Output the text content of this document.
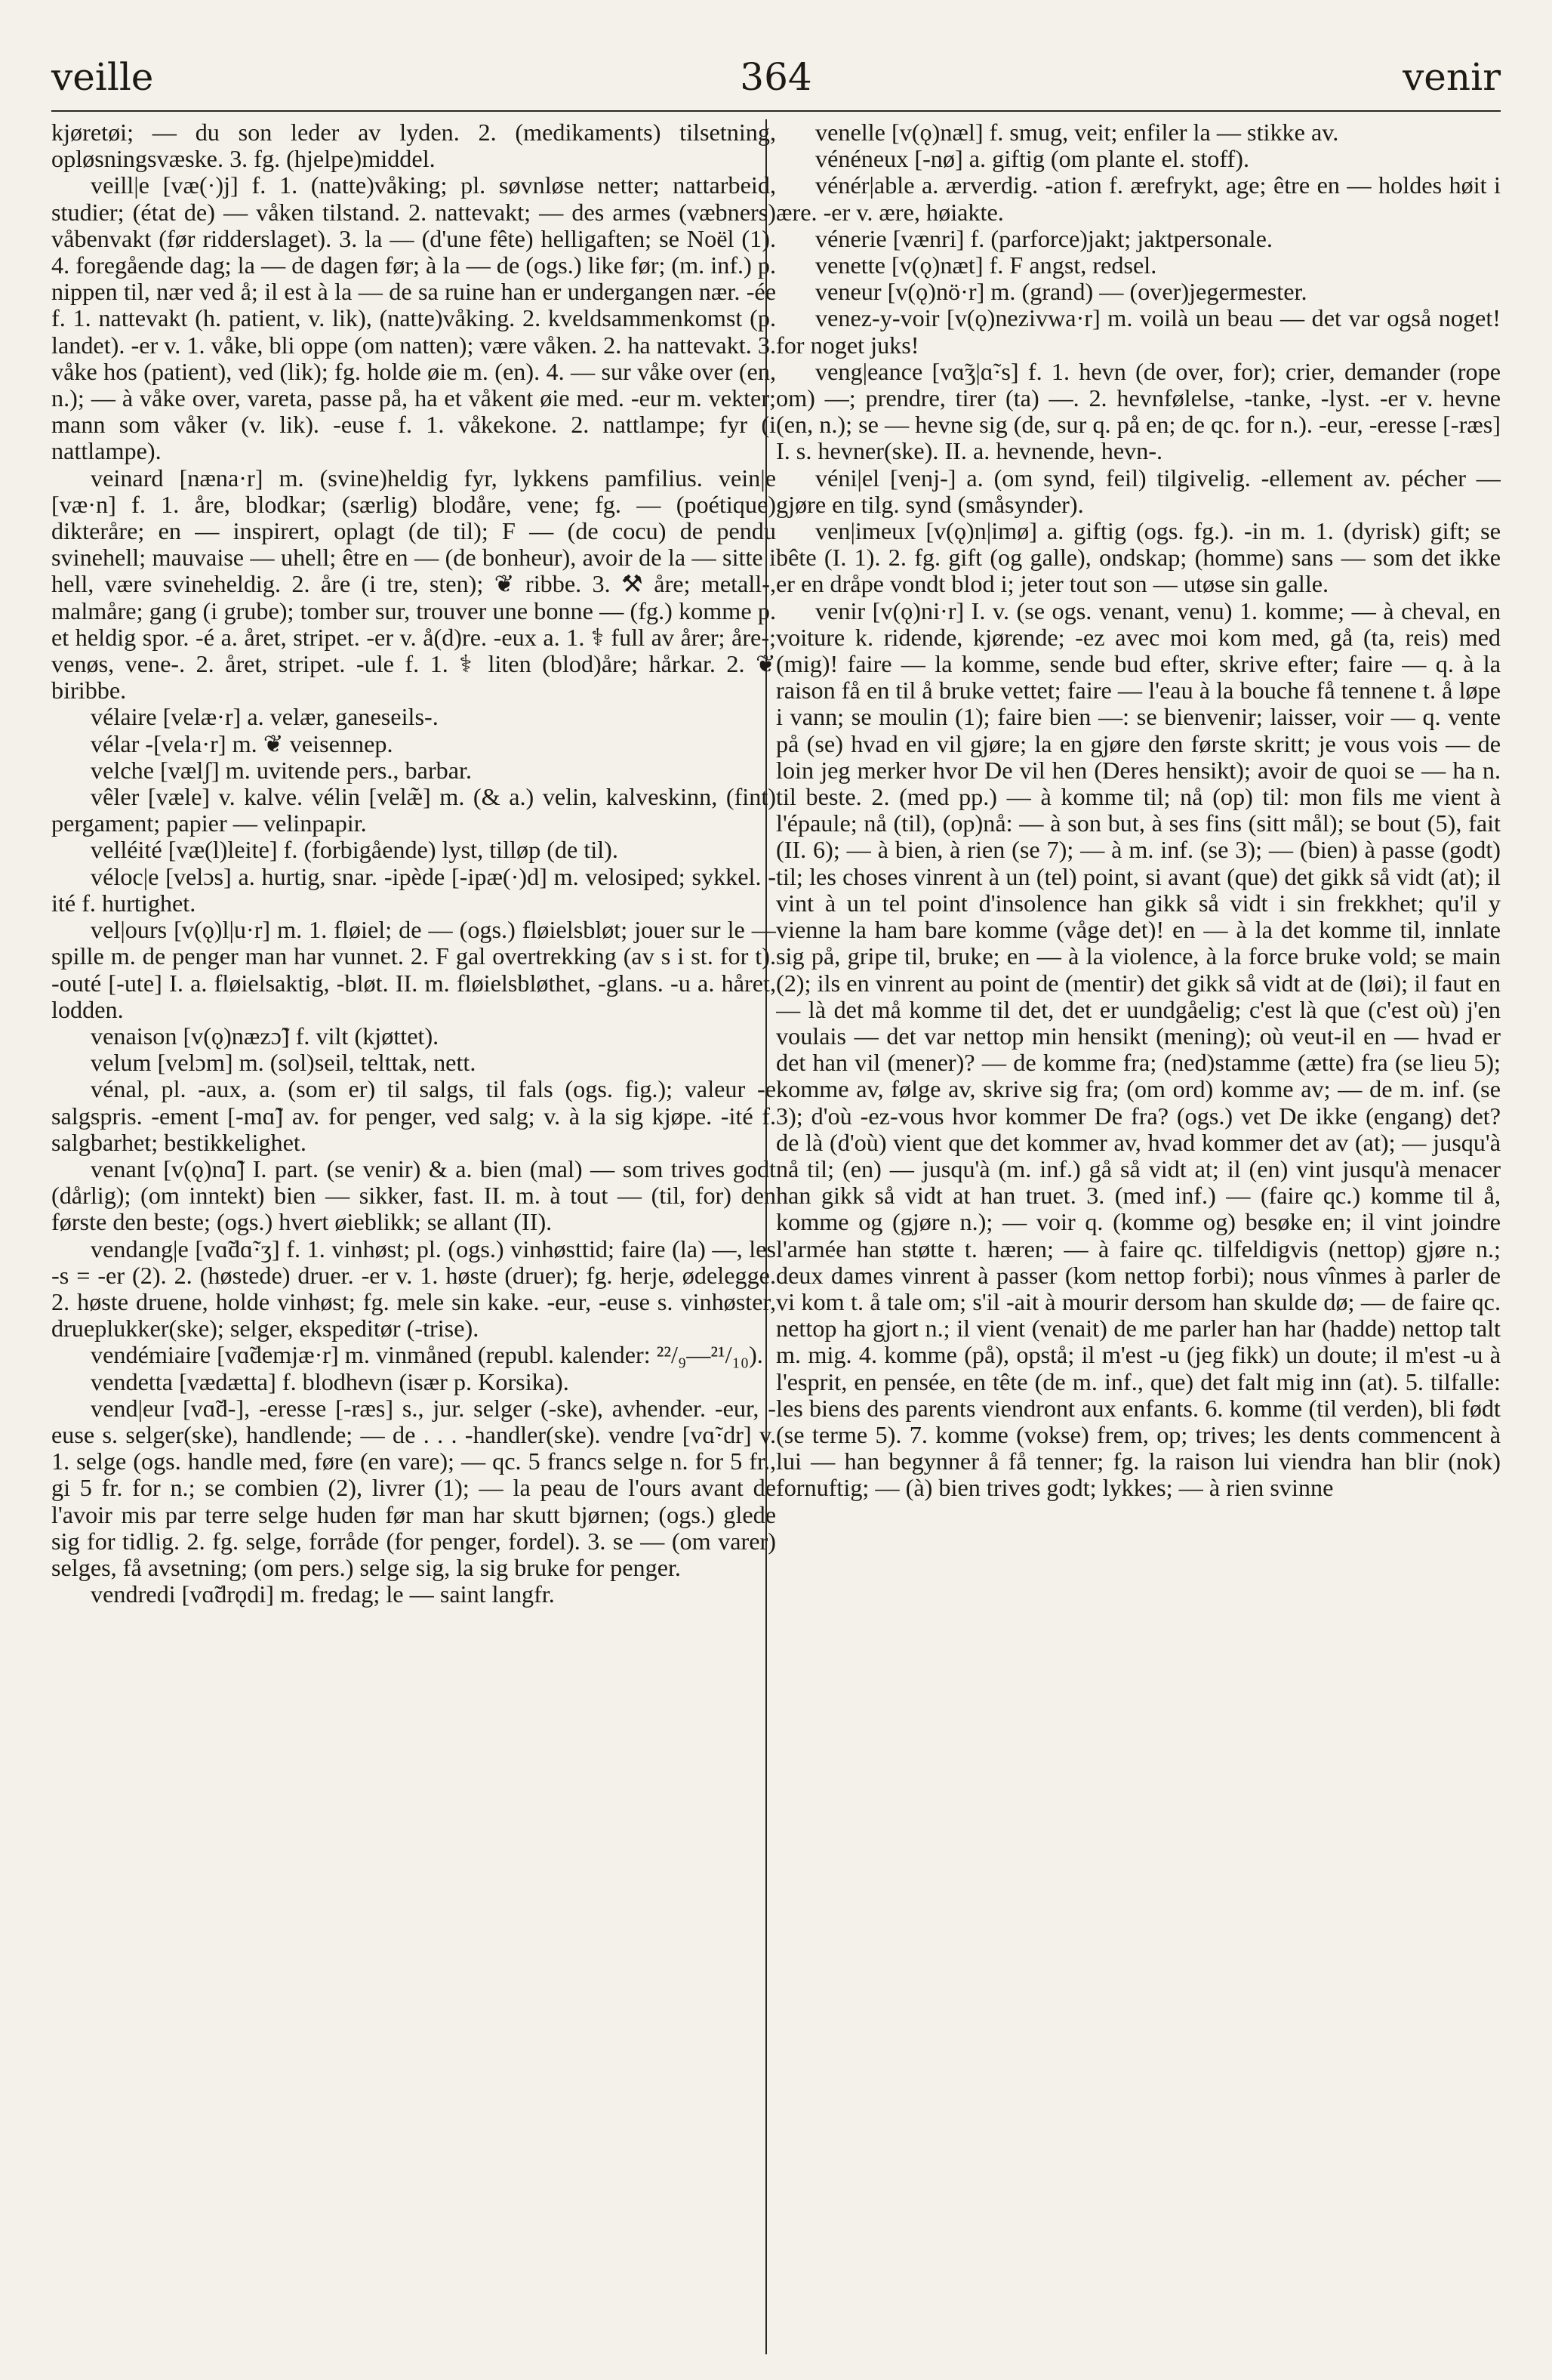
veille	364	venir

kjøretøi; — du son leder av lyden. 2. (medikaments) tilsetning, opløsningsvæske. 3. fg. (hjelpe)middel.

veill|e [væ(·)j] f. 1. (natte)våking; pl. søvnløse netter; nattarbeid, studier; (état de) — våken tilstand. 2. nattevakt; — des armes (væbners) våbenvakt (før ridderslaget). 3. la — (d'une fête) helligaften; se Noël (1). 4. foregående dag; la — de dagen før; à la — de (ogs.) like før; (m. inf.) p. nippen til, nær ved å; il est à la — de sa ruine han er undergangen nær. -ée f. 1. nattevakt (h. patient, v. lik), (natte)våking. 2. kveldsammenkomst (p. landet). -er v. 1. våke, bli oppe (om natten); være våken. 2. ha nattevakt. 3. våke hos (patient), ved (lik); fg. holde øie m. (en). 4. — sur våke over (en, n.); — à våke over, vareta, passe på, ha et våkent øie med. -eur m. vekter; mann som våker (v. lik). -euse f. 1. våkekone. 2. nattlampe; fyr (i nattlampe).

veinard [næna·r] m. (svine)heldig fyr, lykkens pamfilius. vein|e [væ·n] f. 1. åre, blodkar; (særlig) blodåre, vene; fg. — (poétique) dikteråre; en — inspirert, oplagt (de til); F — (de cocu) de pendu svinehell; mauvaise — uhell; être en — (de bonheur), avoir de la — sitte i hell, være svineheldig. 2. åre (i tre, sten); ❦ ribbe. 3. ⚒ åre; metall-, malmåre; gang (i grube); tomber sur, trouver une bonne — (fg.) komme p. et heldig spor. -é a. året, stripet. -er v. å(d)re. -eux a. 1. ⚕ full av årer; åre-; venøs, vene-. 2. året, stripet. -ule f. 1. ⚕ liten (blod)åre; hårkar. 2. ❦ biribbe.

vélaire [velæ·r] a. velær, ganeseils-.

vélar -[vela·r] m. ❦ veisennep.

velche [vælʃ] m. uvitende pers., barbar.

vêler [væle] v. kalve. vélin [velæ̃] m. (& a.) velin, kalveskinn, (fint) pergament; papier — velinpapir.

velléité [væ(l)leite] f. (forbigående) lyst, tilløp (de til).

véloc|e [velɔs] a. hurtig, snar. -ipède [-ipæ(·)d] m. velosiped; sykkel. -ité f. hurtighet.

vel|ours [v(ǫ)l|u·r] m. 1. fløiel; de — (ogs.) fløielsbløt; jouer sur le — spille m. de penger man har vunnet. 2. F gal overtrekking (av s i st. for t). -outé [-ute] I. a. fløielsaktig, -bløt. II. m. fløielsbløthet, -glans. -u a. håret, lodden.

venaison [v(ǫ)næzɔ̃] f. vilt (kjøttet).

velum [velɔm] m. (sol)seil, telttak, nett.

vénal, pl. -aux, a. (som er) til salgs, til fals (ogs. fig.); valeur -e salgspris. -ement [-mɑ̃] av. for penger, ved salg; v. à la sig kjøpe. -ité f. salgbarhet; bestikkelighet.

venant [v(ǫ)nɑ̃] I. part. (se venir) & a. bien (mal) — som trives godt (dårlig); (om inntekt) bien — sikker, fast. II. m. à tout — (til, for) den første den beste; (ogs.) hvert øieblikk; se allant (II).

vendang|e [vɑ̃dɑ̃·ʒ] f. 1. vinhøst; pl. (ogs.) vinhøsttid; faire (la) —, les -s = -er (2). 2. (høstede) druer. -er v. 1. høste (druer); fg. herje, ødelegge. 2. høste druene, holde vinhøst; fg. mele sin kake. -eur, -euse s. vinhøster, drueplukker(ske); selger, ekspeditør (-trise).

vendémiaire [vɑ̃demjæ·r] m. vinmåned (republ. kalender: ²²/₉—²¹/₁₀).

vendetta [vædætta] f. blodhevn (især p. Korsika).

vend|eur [vɑ̃d-], -eresse [-ræs] s., jur. selger (-ske), avhender. -eur, -euse s. selger(ske), handlende; — de . . . -handler(ske). vendre [vɑ̃·dr] v. 1. selge (ogs. handle med, føre (en vare); — qc. 5 francs selge n. for 5 fr., gi 5 fr. for n.; se combien (2), livrer (1); — la peau de l'ours avant de l'avoir mis par terre selge huden før man har skutt bjørnen; (ogs.) glede sig for tidlig. 2. fg. selge, forråde (for penger, fordel). 3. se — (om varer) selges, få avsetning; (om pers.) selge sig, la sig bruke for penger.

vendredi [vɑ̃drǫdi] m. fredag; le — saint langfr.

venelle [v(ǫ)næl] f. smug, veit; enfiler la — stikke av.

vénéneux [-nø] a. giftig (om plante el. stoff).

vénér|able a. ærverdig. -ation f. ærefrykt, age; être en — holdes høit i ære. -er v. ære, høiakte.

vénerie [vænri] f. (parforce)jakt; jaktpersonale.

venette [v(ǫ)næt] f. F angst, redsel.

veneur [v(ǫ)nö·r] m. (grand) — (over)jegermester.

venez-y-voir [v(ǫ)nezivwa·r] m. voilà un beau — det var også noget! for noget juks!

veng|eance [vɑ̃ʒ|ɑ̃·s] f. 1. hevn (de over, for); crier, demander (rope om) —; prendre, tirer (ta) —. 2. hevnfølelse, -tanke, -lyst. -er v. hevne (en, n.); se — hevne sig (de, sur q. på en; de qc. for n.). -eur, -eresse [-ræs] I. s. hevner(ske). II. a. hevnende, hevn-.

véni|el [venj-] a. (om synd, feil) tilgivelig. -ellement av. pécher — gjøre en tilg. synd (småsynder).

ven|imeux [v(ǫ)n|imø] a. giftig (ogs. fg.). -in m. 1. (dyrisk) gift; se bête (I. 1). 2. fg. gift (og galle), ondskap; (homme) sans — som det ikke er en dråpe vondt blod i; jeter tout son — utøse sin galle.

venir [v(ǫ)ni·r] I. v. (se ogs. venant, venu) 1. komme; — à cheval, en voiture k. ridende, kjørende; -ez avec moi kom med, gå (ta, reis) med (mig)! faire — la komme, sende bud efter, skrive efter; faire — q. à la raison få en til å bruke vettet; faire — l'eau à la bouche få tennene t. å løpe i vann; se moulin (1); faire bien —: se bienvenir; laisser, voir — q. vente på (se) hvad en vil gjøre; la en gjøre den første skritt; je vous vois — de loin jeg merker hvor De vil hen (Deres hensikt); avoir de quoi se — ha n. til beste. 2. (med pp.) — à komme til; nå (op) til: mon fils me vient à l'épaule; nå (til), (op)nå: — à son but, à ses fins (sitt mål); se bout (5), fait (II. 6); — à bien, à rien (se 7); — à m. inf. (se 3); — (bien) à passe (godt) til; les choses vinrent à un (tel) point, si avant (que) det gikk så vidt (at); il vint à un tel point d'insolence han gikk så vidt i sin frekkhet; qu'il y vienne la ham bare komme (våge det)! en — à la det komme til, innlate sig på, gripe til, bruke; en — à la violence, à la force bruke vold; se main (2); ils en vinrent au point de (mentir) det gikk så vidt at de (løi); il faut en — là det må komme til det, det er uundgåelig; c'est là que (c'est où) j'en voulais — det var nettop min hensikt (mening); où veut-il en — hvad er det han vil (mener)? — de komme fra; (ned)stamme (ætte) fra (se lieu 5); komme av, følge av, skrive sig fra; (om ord) komme av; — de m. inf. (se 3); d'où -ez-vous hvor kommer De fra? (ogs.) vet De ikke (engang) det? de là (d'où) vient que det kommer av, hvad kommer det av (at); — jusqu'à nå til; (en) — jusqu'à (m. inf.) gå så vidt at; il (en) vint jusqu'à menacer han gikk så vidt at han truet. 3. (med inf.) — (faire qc.) komme til å, komme og (gjøre n.); — voir q. (komme og) besøke en; il vint joindre l'armée han støtte t. hæren; — à faire qc. tilfeldigvis (nettop) gjøre n.; deux dames vinrent à passer (kom nettop forbi); nous vînmes à parler de vi kom t. å tale om; s'il -ait à mourir dersom han skulde dø; — de faire qc. nettop ha gjort n.; il vient (venait) de me parler han har (hadde) nettop talt m. mig. 4. komme (på), opstå; il m'est -u (jeg fikk) un doute; il m'est -u à l'esprit, en pensée, en tête (de m. inf., que) det falt mig inn (at). 5. tilfalle: les biens des parents viendront aux enfants. 6. komme (til verden), bli født (se terme 5). 7. komme (vokse) frem, op; trives; les dents commencent à lui — han begynner å få tenner; fg. la raison lui viendra han blir (nok) fornuftig; — (à) bien trives godt; lykkes; — à rien svinne
